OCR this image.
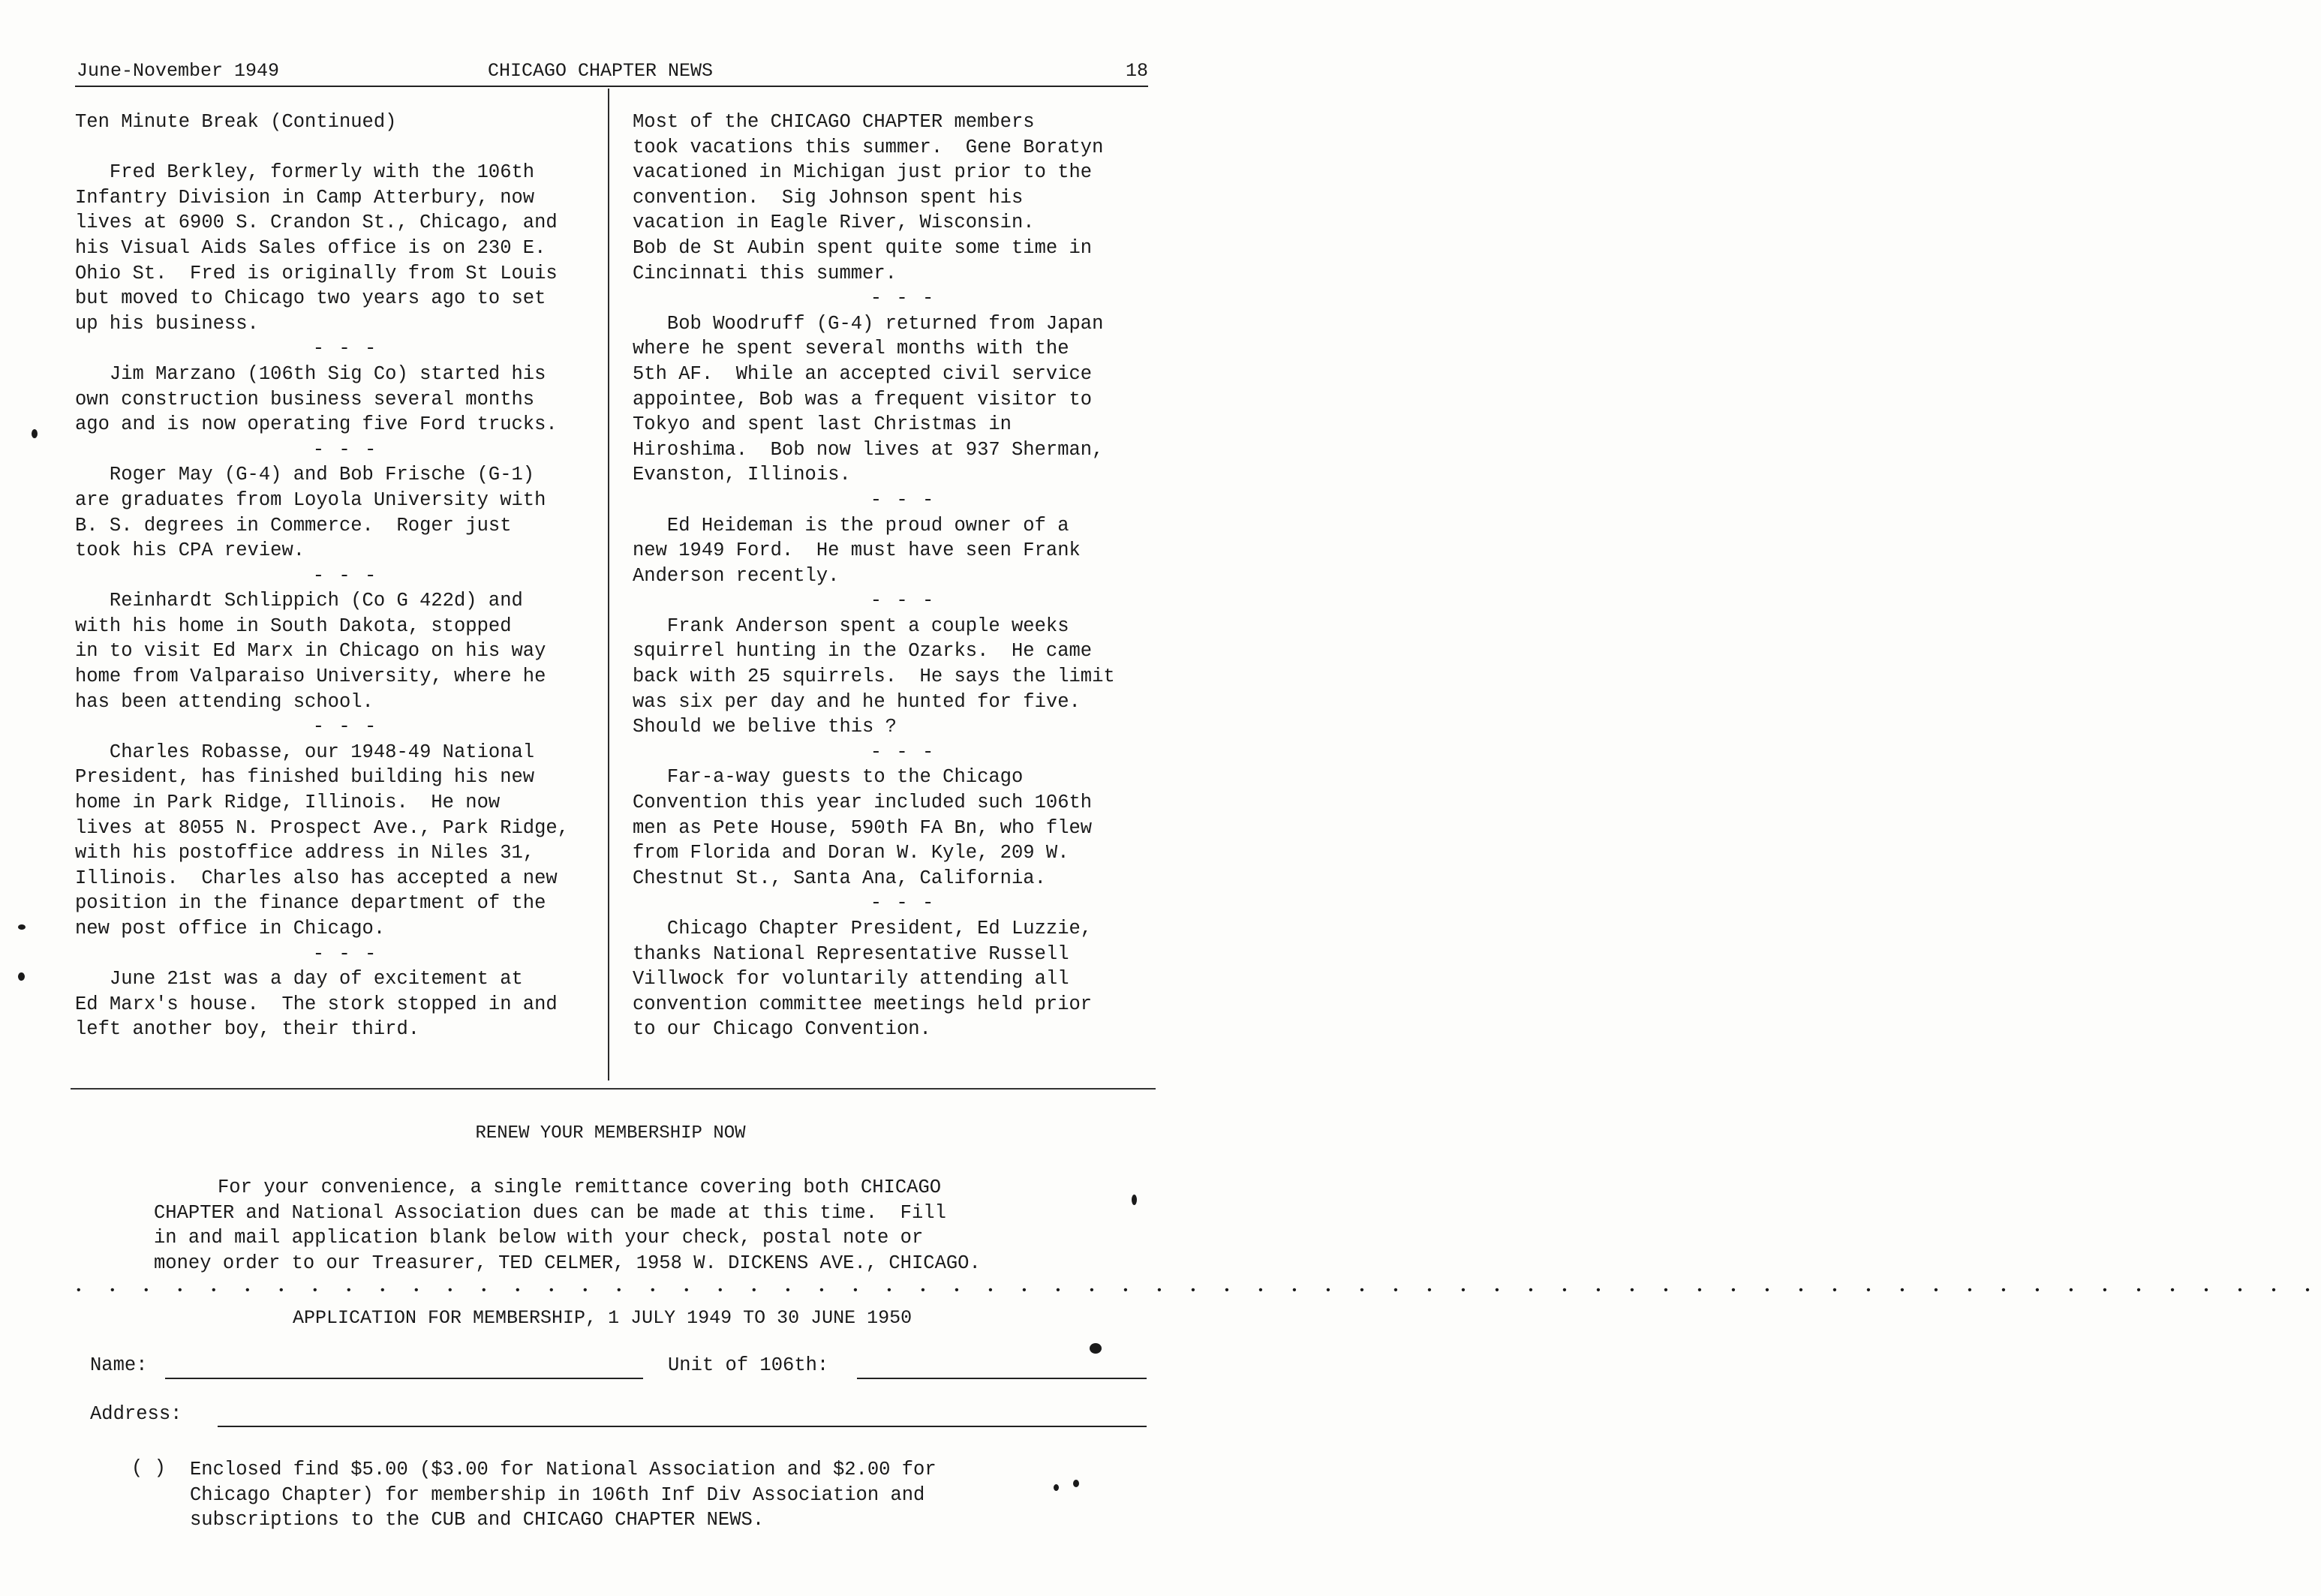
June-November 1949	CHICAGO CHAPTER NEWS	18

Ten Minute Break (Continued)

Fred Berkley, formerly with the 106th
Infantry Division in Camp Atterbury, now
lives at 6900 S. Crandon St., Chicago, and
his Visual Aids Sales office is on 230 E.
Ohio St.  Fred is originally from St Louis
but moved to Chicago two years ago to set
up his business.

- - -

Jim Marzano (106th Sig Co) started his
own construction business several months
ago and is now operating five Ford trucks.

- - -

Roger May (G-4) and Bob Frische (G-1)
are graduates from Loyola University with
B. S. degrees in Commerce.  Roger just
took his CPA review.

- - -

Reinhardt Schlippich (Co G 422d) and
with his home in South Dakota, stopped
in to visit Ed Marx in Chicago on his way
home from Valparaiso University, where he
has been attending school.

- - -

Charles Robasse, our 1948-49 National
President, has finished building his new
home in Park Ridge, Illinois.  He now
lives at 8055 N. Prospect Ave., Park Ridge,
with his postoffice address in Niles 31,
Illinois.  Charles also has accepted a new
position in the finance department of the
new post office in Chicago.

- - -

June 21st was a day of excitement at
Ed Marx's house.  The stork stopped in and
left another boy, their third.

Most of the CHICAGO CHAPTER members
took vacations this summer.  Gene Boratyn
vacationed in Michigan just prior to the
convention.  Sig Johnson spent his
vacation in Eagle River, Wisconsin.
Bob de St Aubin spent quite some time in
Cincinnati this summer.

- - -

Bob Woodruff (G-4) returned from Japan
where he spent several months with the
5th AF.  While an accepted civil service
appointee, Bob was a frequent visitor to
Tokyo and spent last Christmas in
Hiroshima.  Bob now lives at 937 Sherman,
Evanston, Illinois.

- - -

Ed Heideman is the proud owner of a
new 1949 Ford.  He must have seen Frank
Anderson recently.

- - -

Frank Anderson spent a couple weeks
squirrel hunting in the Ozarks.  He came
back with 25 squirrels.  He says the limit
was six per day and he hunted for five.
Should we belive this ?

- - -

Far-a-way guests to the Chicago
Convention this year included such 106th
men as Pete House, 590th FA Bn, who flew
from Florida and Doran W. Kyle, 209 W.
Chestnut St., Santa Ana, California.

- - -

Chicago Chapter President, Ed Luzzie,
thanks National Representative Russell
Villwock for voluntarily attending all
convention committee meetings held prior
to our Chicago Convention.

RENEW YOUR MEMBERSHIP NOW
For your convenience, a single remittance covering both CHICAGO
CHAPTER and National Association dues can be made at this time.  Fill
in and mail application blank below with your check, postal note or
money order to our Treasurer, TED CELMER, 1958 W. DICKENS AVE., CHICAGO.
• • • • • • • • • • • • • • • • • • • • • • • • • • • • • • • • • • • • • • • • • • • • • • • • • • • • • • • • • • • • • • • • • • •
APPLICATION FOR MEMBERSHIP, 1 JULY 1949 TO 30 JUNE 1950
Name:	Unit of 106th:
Address:
( ) Enclosed find $5.00 ($3.00 for National Association and $2.00 for
Chicago Chapter) for membership in 106th Inf Div Association and
subscriptions to the CUB and CHICAGO CHAPTER NEWS.
